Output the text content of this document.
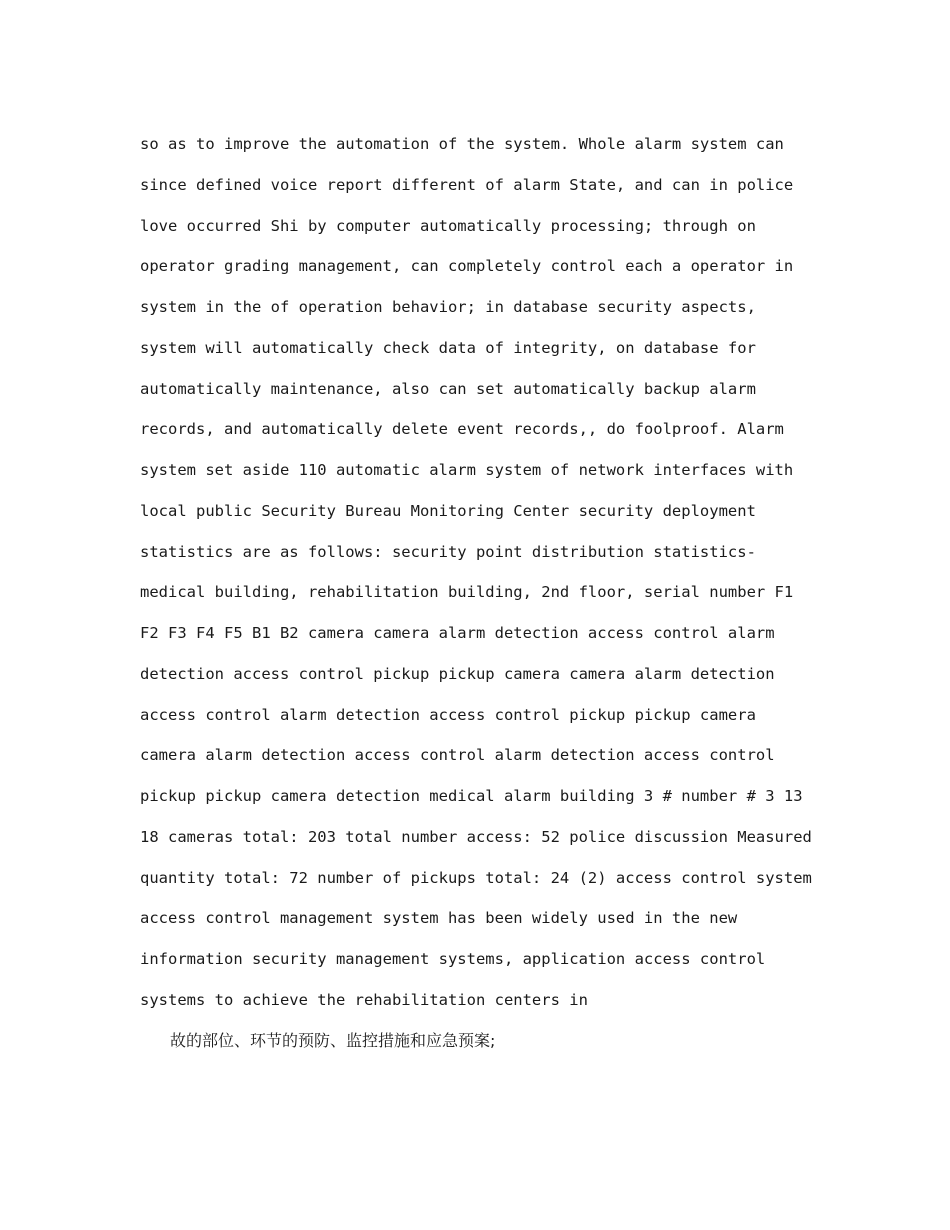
so as to improve the automation of the system. Whole alarm system can
since defined voice report different of alarm State, and can in police
love occurred Shi by computer automatically processing; through on
operator grading management, can completely control each a operator in
system in the of operation behavior; in database security aspects,
system will automatically check data of integrity, on database for
automatically maintenance, also can set automatically backup alarm
records, and automatically delete event records,, do foolproof. Alarm
system set aside 110 automatic alarm system of network interfaces with
local public Security Bureau Monitoring Center security deployment
statistics are as follows: security point distribution statistics-
medical building, rehabilitation building, 2nd floor, serial number F1
F2 F3 F4 F5 B1 B2 camera camera alarm detection access control alarm
detection access control pickup pickup camera camera alarm detection
access control alarm detection access control pickup pickup camera
camera alarm detection access control alarm detection access control
pickup pickup camera detection medical alarm building 3 # number # 3 13
18 cameras total: 203 total number access: 52 police discussion Measured
quantity total: 72 number of pickups total: 24 (2) access control system
access control management system has been widely used in the new
information security management systems, application access control
systems to achieve the rehabilitation centers in
故的部位、环节的预防、监控措施和应急预案;
